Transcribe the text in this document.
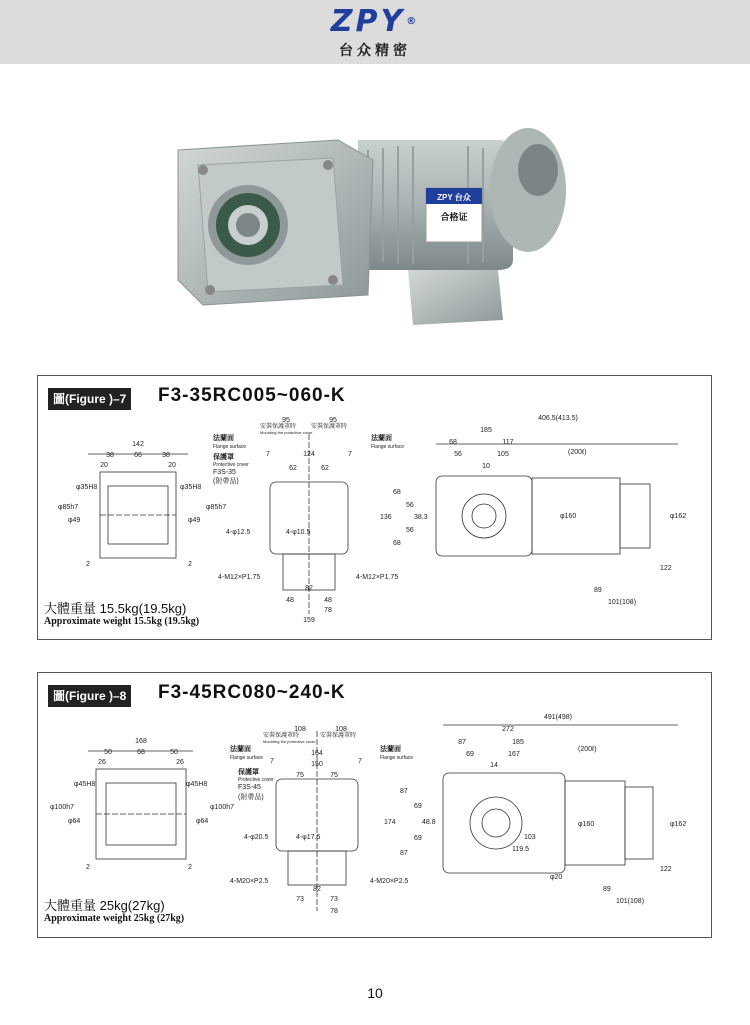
ZPY®
台众精密
ZPY 台众
合格证
圖(Figure )–7 F3-35RC005~060-K
142
38	66	38
20	20
φ35H8	φ35H8
φ85h7	φ85h7
φ49	φ49
2	2
法蘭面
Flange surface
保護罩
Protective cover
F3S-35
(附帶品)
安裝保護罩時 安裝保護罩時
Mounting the protective cover
法蘭面
Flange surface
95	95
7	124	7
62	62
4-φ12.5	4-φ10.5
4-M12×P1.75	4-M12×P1.75
82
48	48
78
159
406.5(413.5)
185
68	117
56	105
10
(200ℓ)
68
56
136	38.3
56
68
φ160	φ162
122
89
101(108)
大體重量 15.5kg(19.5kg)
Approximate weight 15.5kg (19.5kg)
圖(Figure )–8 F3-45RC080~240-K
168
50	68	50
26	26
φ45H8	φ45H8
φ100h7	φ100h7
φ64	φ64
2	2
法蘭面
Flange surface
保護罩
Protective cover
F3S-45
(附帶品)
安裝保護罩時	安裝保護罩時
Mounting the protective cover
法蘭面
Flange surface
108	108
7
164
7
150
75	75
4-φ20.5	4-φ17.5
4-M20×P2.5	4-M20×P2.5
82
73	73
78
491(498)
272
87	185
69	167
14
(200ℓ)
87
69
174	48.8
69
87
103
119.5
φ160	φ162
φ20
122
89
101(108)
大體重量 25kg(27kg)
Approximate weight 25kg (27kg)
10
